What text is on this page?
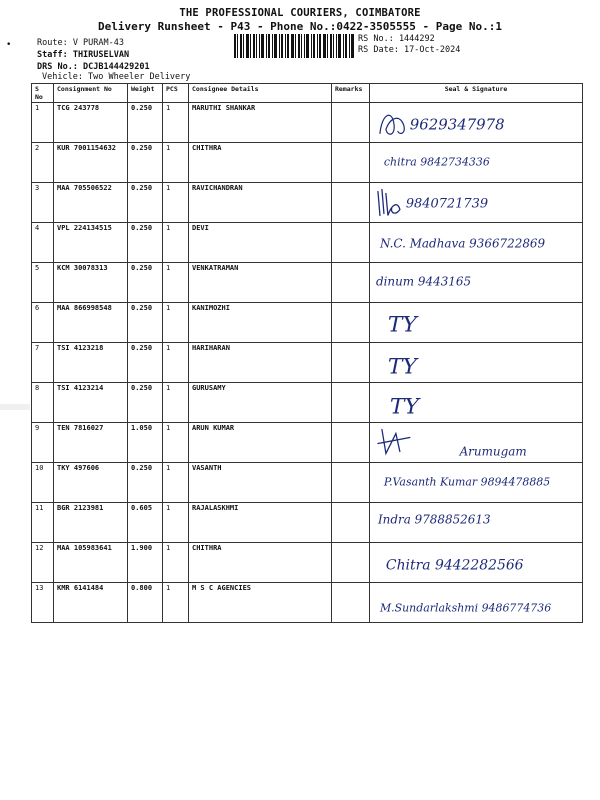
THE PROFESSIONAL COURIERS, COIMBATORE
Delivery Runsheet - P43 - Phone No.:0422-3505555 - Page No.:1
•	Route: V PURAM-43
Staff: THIRUSELVAN
DRS No.: DCJB144429201
Vehicle: Two Wheeler Delivery
RS No.: 1444292
RS Date: 17-Oct-2024
S No	Consignment No	Weight	PCS	Consignee Details	Remarks	Seal & Signature
1	TCG 243778	0.250	1	MARUTHI SHANKAR		9629347978

2	KUR 7001154632	0.250	1	CHITHRA		chitra 9842734336

3	MAA 705506522	0.250	1	RAVICHANDRAN		9840721739

4	VPL 224134515	0.250	1	DEVI		N.C. Madhava 9366722869

5	KCM 30078313	0.250	1	VENKATRAMAN		dinum 9443165

6	MAA 866998548	0.250	1	KANIMOZHI		TY

7	TSI 4123218	0.250	1	HARIHARAN		TY

8	TSI 4123214	0.250	1	GURUSAMY		TY

9	TEN 7816027	1.050	1	ARUN KUMAR		Arumugam

10	TKY 497606	0.250	1	VASANTH		P.Vasanth Kumar 9894478885

11	BGR 2123981	0.605	1	RAJALASKHMI		Indra 9788852613

12	MAA 105983641	1.900	1	CHITHRA		Chitra 9442282566

13	KMR 6141484	0.800	1	M S C AGENCIES		M.Sundarlakshmi 9486774736
